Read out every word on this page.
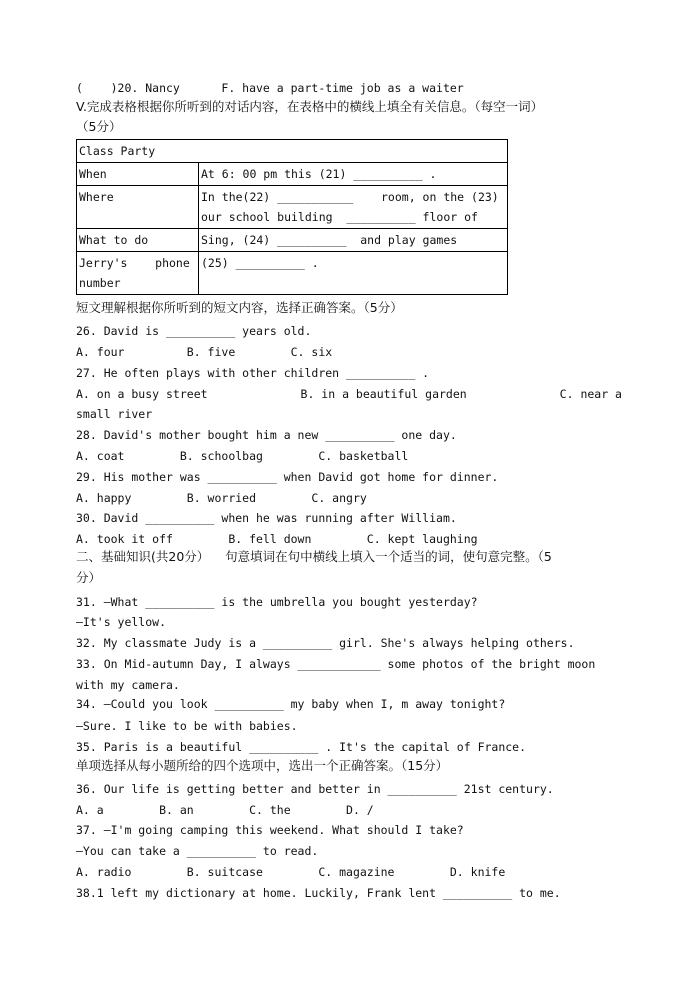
(    )20. Nancy      F. have a part-time job as a waiter
V.完成表格根据你所听到的对话内容，在表格中的横线上填全有关信息。（每空一词）
（5分）
Class Party	
When	At 6: 00 pm this (21) __________ .
Where	In the(22) ___________    room, on the (23)
our school building  __________ floor of

What to do	Sing, (24) __________  and play games

Jerry's    phone
number	(25) __________ .
短文理解根据你所听到的短文内容，选择正确答案。（5分）
26. David is __________ years old.
A. four         B. five        C. six
27. He often plays with other children __________ .
A. on a busy street	B. in a beautiful garden	C. near a
small river
28. David's mother bought him a new __________ one day.
A. coat        B. schoolbag        C. basketball
29. His mother was __________ when David got home for dinner.
A. happy        B. worried        C. angry
30. David __________ when he was running after William.
A. took it off        B. fell down        C. kept laughing
二、基础知识(共20分）    句意填词在句中横线上填入一个适当的词，使句意完整。（5
分）
31. —What __________ is the umbrella you bought yesterday?
—It's yellow.
32. My classmate Judy is a __________ girl. She's always helping others.
33. On Mid-autumn Day, I always ____________ some photos of the bright moon
with my camera.
34. —Could you look __________ my baby when I, m away tonight?
—Sure. I like to be with babies.
35. Paris is a beautiful __________ . It's the capital of France.
单项选择从每小题所给的四个选项中，选出一个正确答案。（15分）
36. Our life is getting better and better in __________ 21st century.
A. a        B. an        C. the        D. /
37. —I'm going camping this weekend. What should I take?
—You can take a __________ to read.
A. radio        B. suitcase        C. magazine        D. knife
38.1 left my dictionary at home. Luckily, Frank lent __________ to me.
